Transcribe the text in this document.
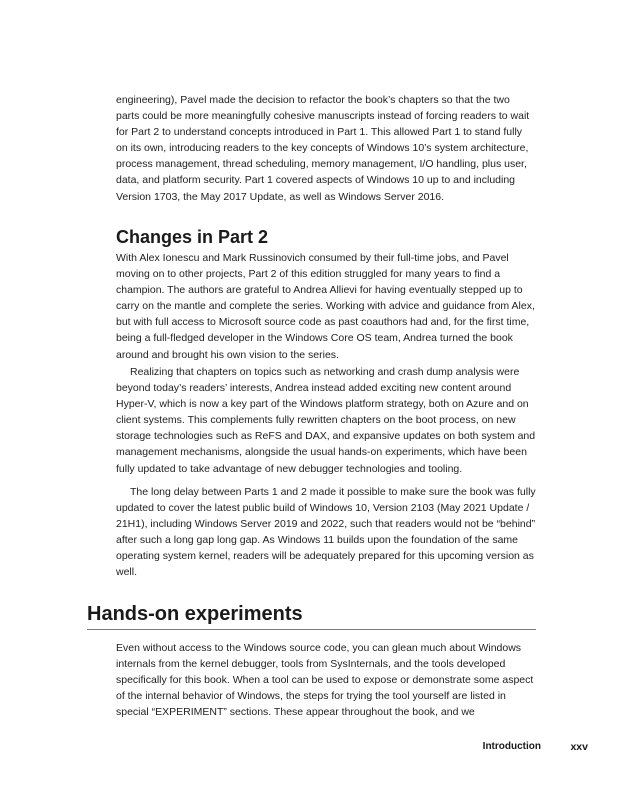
engineering), Pavel made the decision to refactor the book’s chapters so that the two parts could be more meaningfully cohesive manuscripts instead of forcing readers to wait for Part 2 to understand concepts introduced in Part 1. This allowed Part 1 to stand fully on its own, introducing readers to the key concepts of Windows 10’s system architecture, process management, thread scheduling, memory management, I/O handling, plus user, data, and platform security. Part 1 covered aspects of Windows 10 up to and including Version 1703, the May 2017 Update, as well as Windows Server 2016.

Changes in Part 2

With Alex Ionescu and Mark Russinovich consumed by their full-time jobs, and Pavel moving on to other projects, Part 2 of this edition struggled for many years to find a champion. The authors are grateful to Andrea Allievi for having eventually stepped up to carry on the mantle and complete the series. Working with advice and guidance from Alex, but with full access to Microsoft source code as past coauthors had and, for the first time, being a full-fledged developer in the Windows Core OS team, Andrea turned the book around and brought his own vision to the series.

Realizing that chapters on topics such as networking and crash dump analysis were beyond today’s readers’ interests, Andrea instead added exciting new content around Hyper-V, which is now a key part of the Windows platform strategy, both on Azure and on client systems. This complements fully rewritten chapters on the boot process, on new storage technologies such as ReFS and DAX, and expansive updates on both system and management mechanisms, alongside the usual hands-on experiments, which have been fully updated to take advantage of new debugger technologies and tooling.

The long delay between Parts 1 and 2 made it possible to make sure the book was fully updated to cover the latest public build of Windows 10, Version 2103 (May 2021 Update / 21H1), including Windows Server 2019 and 2022, such that readers would not be “behind” after such a long gap long gap. As Windows 11 builds upon the foundation of the same operating system kernel, readers will be adequately prepared for this upcoming version as well.

Hands-on experiments

Even without access to the Windows source code, you can glean much about Windows internals from the kernel debugger, tools from SysInternals, and the tools developed specifically for this book. When a tool can be used to expose or demonstrate some aspect of the internal behavior of Windows, the steps for trying the tool yourself are listed in special “EXPERIMENT” sections. These appear throughout the book, and we

Introduction	xxv
